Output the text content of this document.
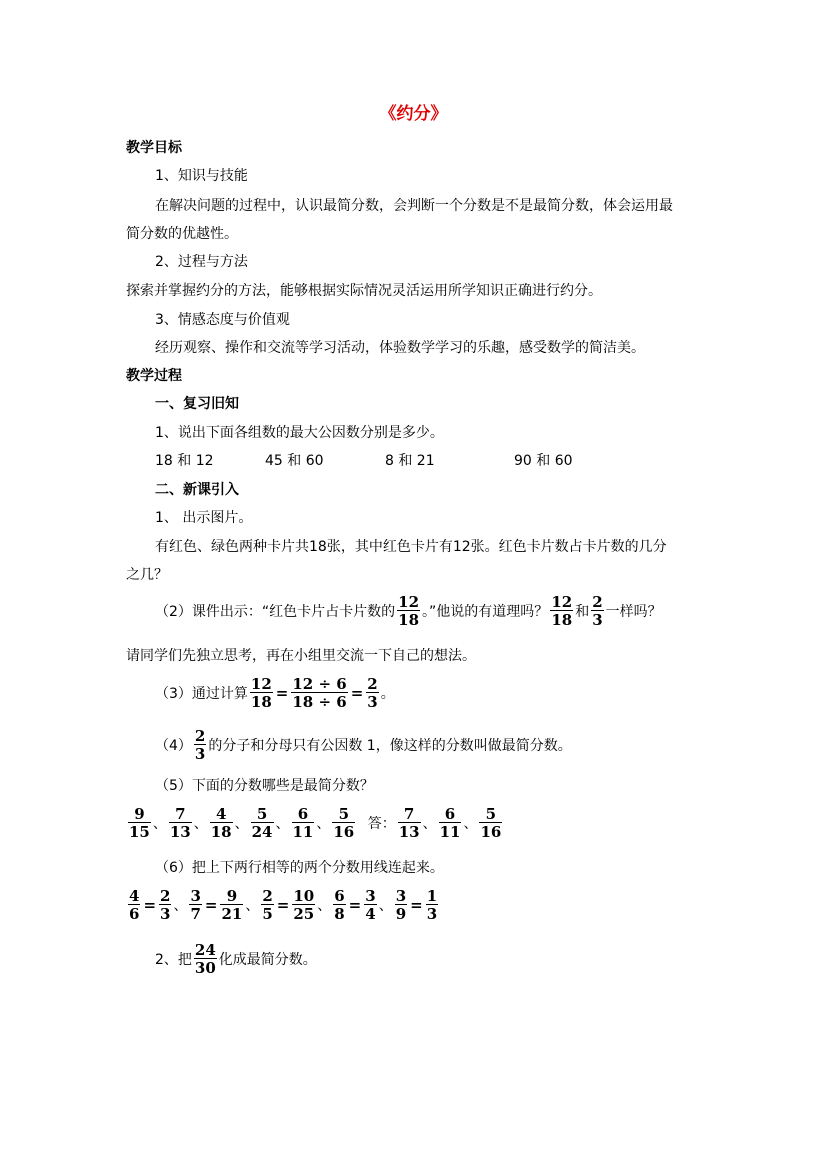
《约分》
教学目标
1、知识与技能
在解决问题的过程中，认识最简分数，会判断一个分数是不是最简分数，体会运用最
简分数的优越性。
2、过程与方法
探索并掌握约分的方法，能够根据实际情况灵活运用所学知识正确进行约分。
3、情感态度与价值观
经历观察、操作和交流等学习活动，体验数学学习的乐趣，感受数学的简洁美。
教学过程
一、复习旧知
1、说出下面各组数的最大公因数分别是多少。
18 和 12	45 和 60	8 和 21	90 和 60
二、新课引入
1、 出示图片。
有红色、绿色两种卡片共18张，其中红色卡片有12张。红色卡片数占卡片数的几分
之几？
（2）课件出示：“红色卡片占卡片数的 $\frac{12}{18}$ 。”他说的有道理吗？ $\frac{12}{18}$ 和 $\frac{2}{3}$ 一样吗？
请同学们先独立思考，再在小组里交流一下自己的想法。
（3）通过计算 $\frac{12}{18} = \frac{12 \div 6}{18 \div 6} = \frac{2}{3}$ 。
$(4) \frac{2}{3}$ 的分子和分母只有公因数 1，像这样的分数叫做最简分数。
（5）下面的分数哪些是最简分数？
$\frac{9}{15}$ 、 $\frac{7}{13}$ 、 $\frac{4}{18}$ 、 $\frac{5}{24}$ 、 $\frac{6}{11}$ 、 $\frac{5}{16}$ 答： $\frac{7}{13}$ 、 $\frac{6}{11}$ 、 $\frac{5}{16}$
（6）把上下两行相等的两个分数用线连起来。
$\frac{4}{6} = \frac{2}{3}$ 、 $\frac{3}{7} = \frac{9}{21}$ 、 $\frac{2}{5} = \frac{10}{25}$ 、 $\frac{6}{8} = \frac{3}{4}$ 、 $\frac{3}{9} = \frac{1}{3}$
2、把 $\frac{24}{30}$ 化成最简分数。
